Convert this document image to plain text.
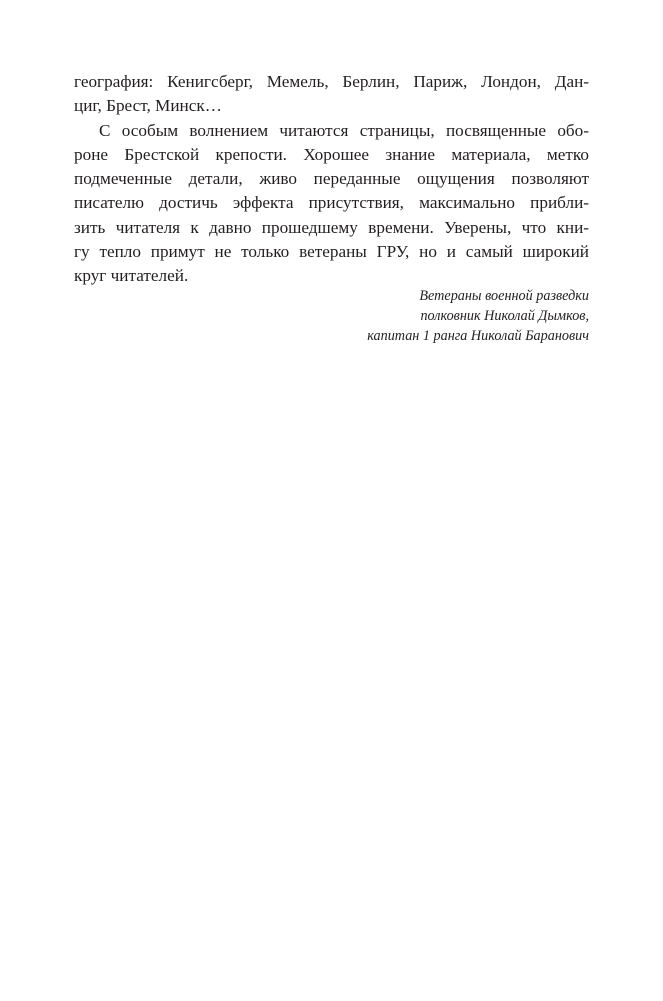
география: Кенигсберг, Мемель, Берлин, Париж, Лондон, Дан-
циг, Брест, Минск…
С особым волнением читаются страницы, посвященные обо-
роне Брестской крепости. Хорошее знание материала, метко
подмеченные детали, живо переданные ощущения позволяют
писателю достичь эффекта присутствия, максимально прибли-
зить читателя к давно прошедшему времени. Уверены, что кни-
гу тепло примут не только ветераны ГРУ, но и самый широкий
круг читателей.
Ветераны военной разведки
полковник Николай Дымков,
капитан 1 ранга Николай Баранович
